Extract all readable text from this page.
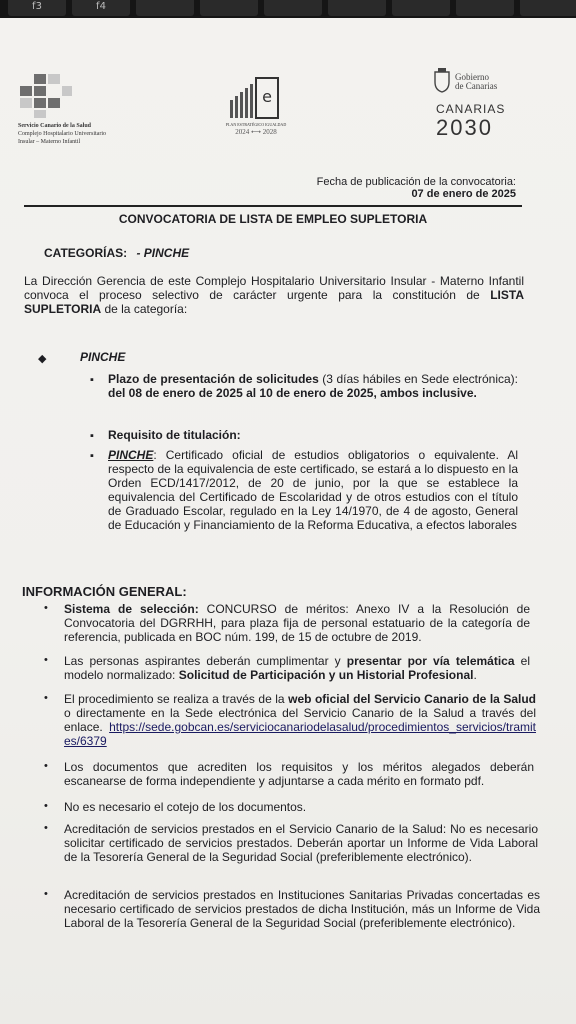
f3	f4
Servicio Canario de la Salud
Complejo Hospitalario Universitario
Insular – Materno Infantil
e
PLAN ESTRATÉGICO IGUALDAD
2024 ⟷ 2028
Gobierno
de Canarias
CANARIAS
2030
Fecha de publicación de la convocatoria:
07 de enero de 2025
CONVOCATORIA DE LISTA DE EMPLEO SUPLETORIA
CATEGORÍAS: - PINCHE
La Dirección Gerencia de este Complejo Hospitalario Universitario Insular - Materno Infantil convoca el proceso selectivo de carácter urgente para la constitución de LISTA SUPLETORIA de la categoría:
◆	PINCHE
▪ Plazo de presentación de solicitudes (3 días hábiles en Sede electrónica): del 08 de enero de 2025 al 10 de enero de 2025, ambos inclusive.
▪ Requisito de titulación:
▪ PINCHE: Certificado oficial de estudios obligatorios o equivalente. Al respecto de la equivalencia de este certificado, se estará a lo dispuesto en la Orden ECD/1417/2012, de 20 de junio, por la que se establece la equivalencia del Certificado de Escolaridad y de otros estudios con el título de Graduado Escolar, regulado en la Ley 14/1970, de 4 de agosto, General de Educación y Financiamiento de la Reforma Educativa, a efectos laborales
INFORMACIÓN GENERAL:
• Sistema de selección: CONCURSO de méritos: Anexo IV a la Resolución de Convocatoria del DGRRHH, para plaza fija de personal estatuario de la categoría de referencia, publicada en BOC núm. 199, de 15 de octubre de 2019.
• Las personas aspirantes deberán cumplimentar y presentar por vía telemática el modelo normalizado: Solicitud de Participación y un Historial Profesional.
• El procedimiento se realiza a través de la web oficial del Servicio Canario de la Salud o directamente en la Sede electrónica del Servicio Canario de la Salud a través del enlace. https://sede.gobcan.es/serviciocanariodelasalud/procedimientos_servicios/tramites/6379
• Los documentos que acrediten los requisitos y los méritos alegados deberán escanearse de forma independiente y adjuntarse a cada mérito en formato pdf.
• No es necesario el cotejo de los documentos.
• Acreditación de servicios prestados en el Servicio Canario de la Salud: No es necesario solicitar certificado de servicios prestados. Deberán aportar un Informe de Vida Laboral de la Tesorería General de la Seguridad Social (preferiblemente electrónico).
• Acreditación de servicios prestados en Instituciones Sanitarias Privadas concertadas es necesario certificado de servicios prestados de dicha Institución, más un Informe de Vida Laboral de la Tesorería General de la Seguridad Social (preferiblemente electrónico).
